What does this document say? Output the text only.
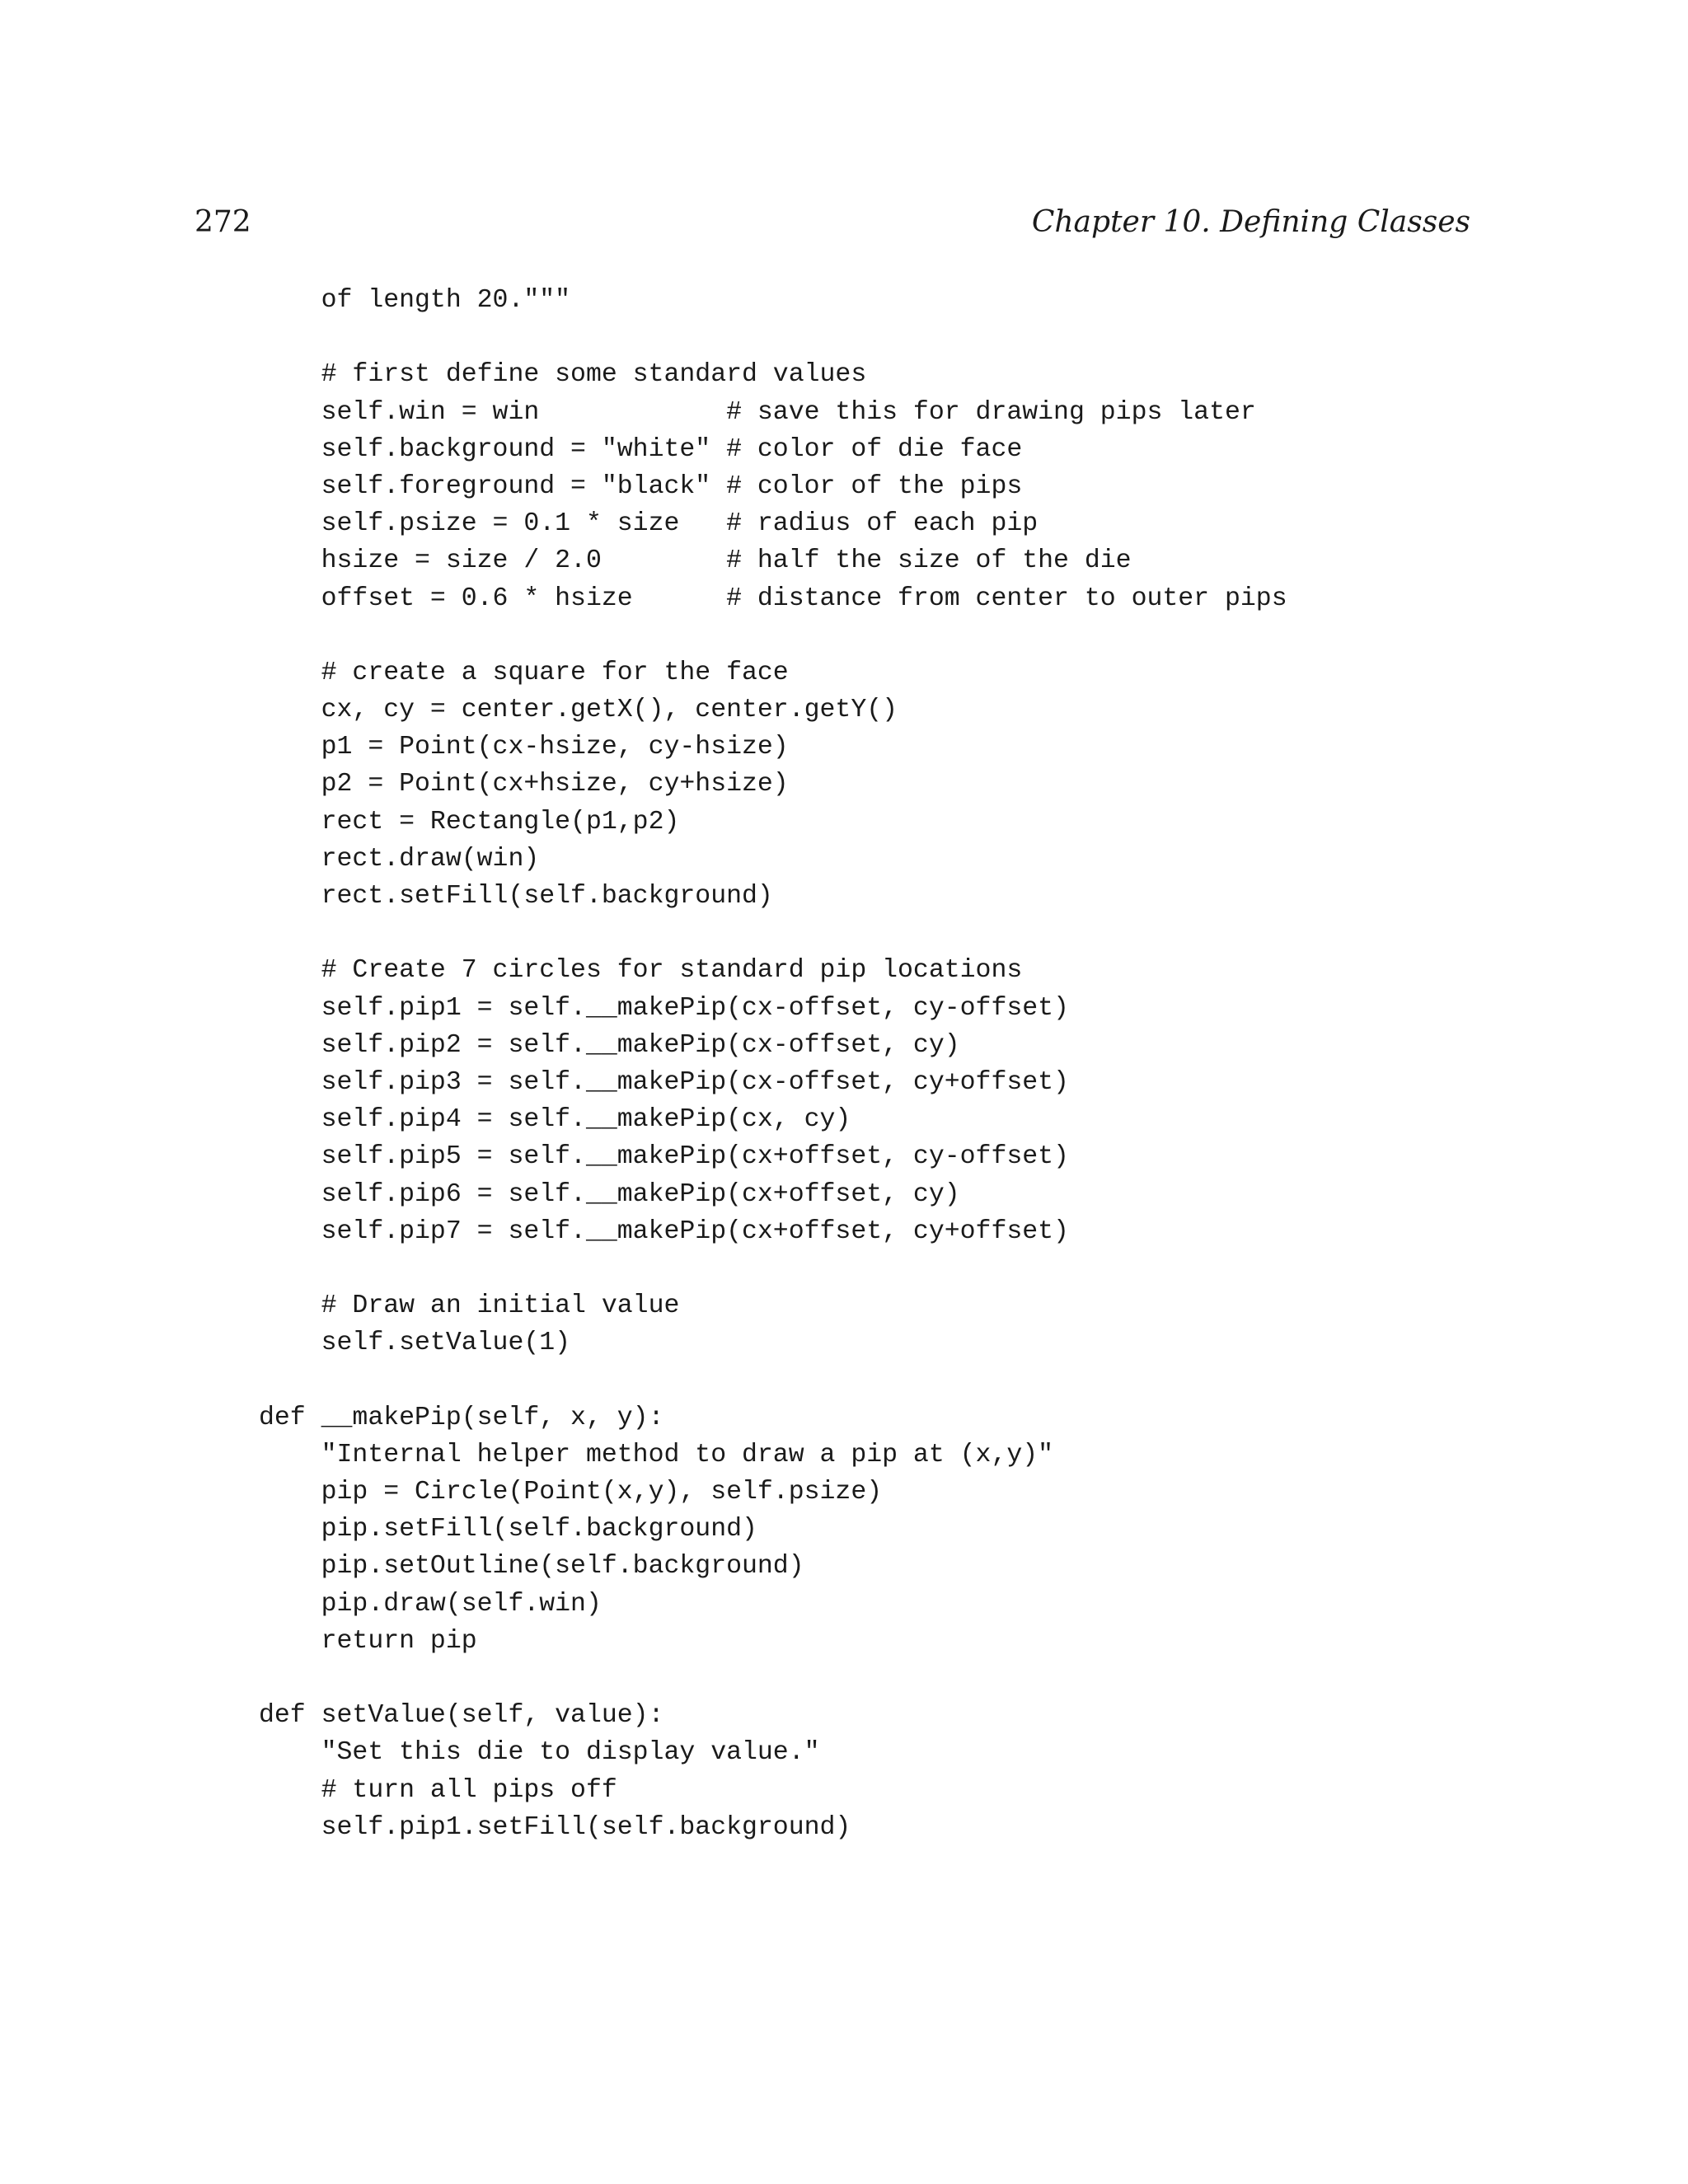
272	Chapter 10. Defining Classes
of length 20."""
# first define some standard values
self.win = win            # save this for drawing pips later
self.background = "white" # color of die face
self.foreground = "black" # color of the pips
self.psize = 0.1 * size   # radius of each pip
hsize = size / 2.0        # half the size of the die
offset = 0.6 * hsize      # distance from center to outer pips
# create a square for the face
cx, cy = center.getX(), center.getY()
p1 = Point(cx-hsize, cy-hsize)
p2 = Point(cx+hsize, cy+hsize)
rect = Rectangle(p1,p2)
rect.draw(win)
rect.setFill(self.background)
# Create 7 circles for standard pip locations
self.pip1 = self.__makePip(cx-offset, cy-offset)
self.pip2 = self.__makePip(cx-offset, cy)
self.pip3 = self.__makePip(cx-offset, cy+offset)
self.pip4 = self.__makePip(cx, cy)
self.pip5 = self.__makePip(cx+offset, cy-offset)
self.pip6 = self.__makePip(cx+offset, cy)
self.pip7 = self.__makePip(cx+offset, cy+offset)
# Draw an initial value
self.setValue(1)
def __makePip(self, x, y):
"Internal helper method to draw a pip at (x,y)"
pip = Circle(Point(x,y), self.psize)
pip.setFill(self.background)
pip.setOutline(self.background)
pip.draw(self.win)
return pip
def setValue(self, value):
"Set this die to display value."
# turn all pips off
self.pip1.setFill(self.background)
